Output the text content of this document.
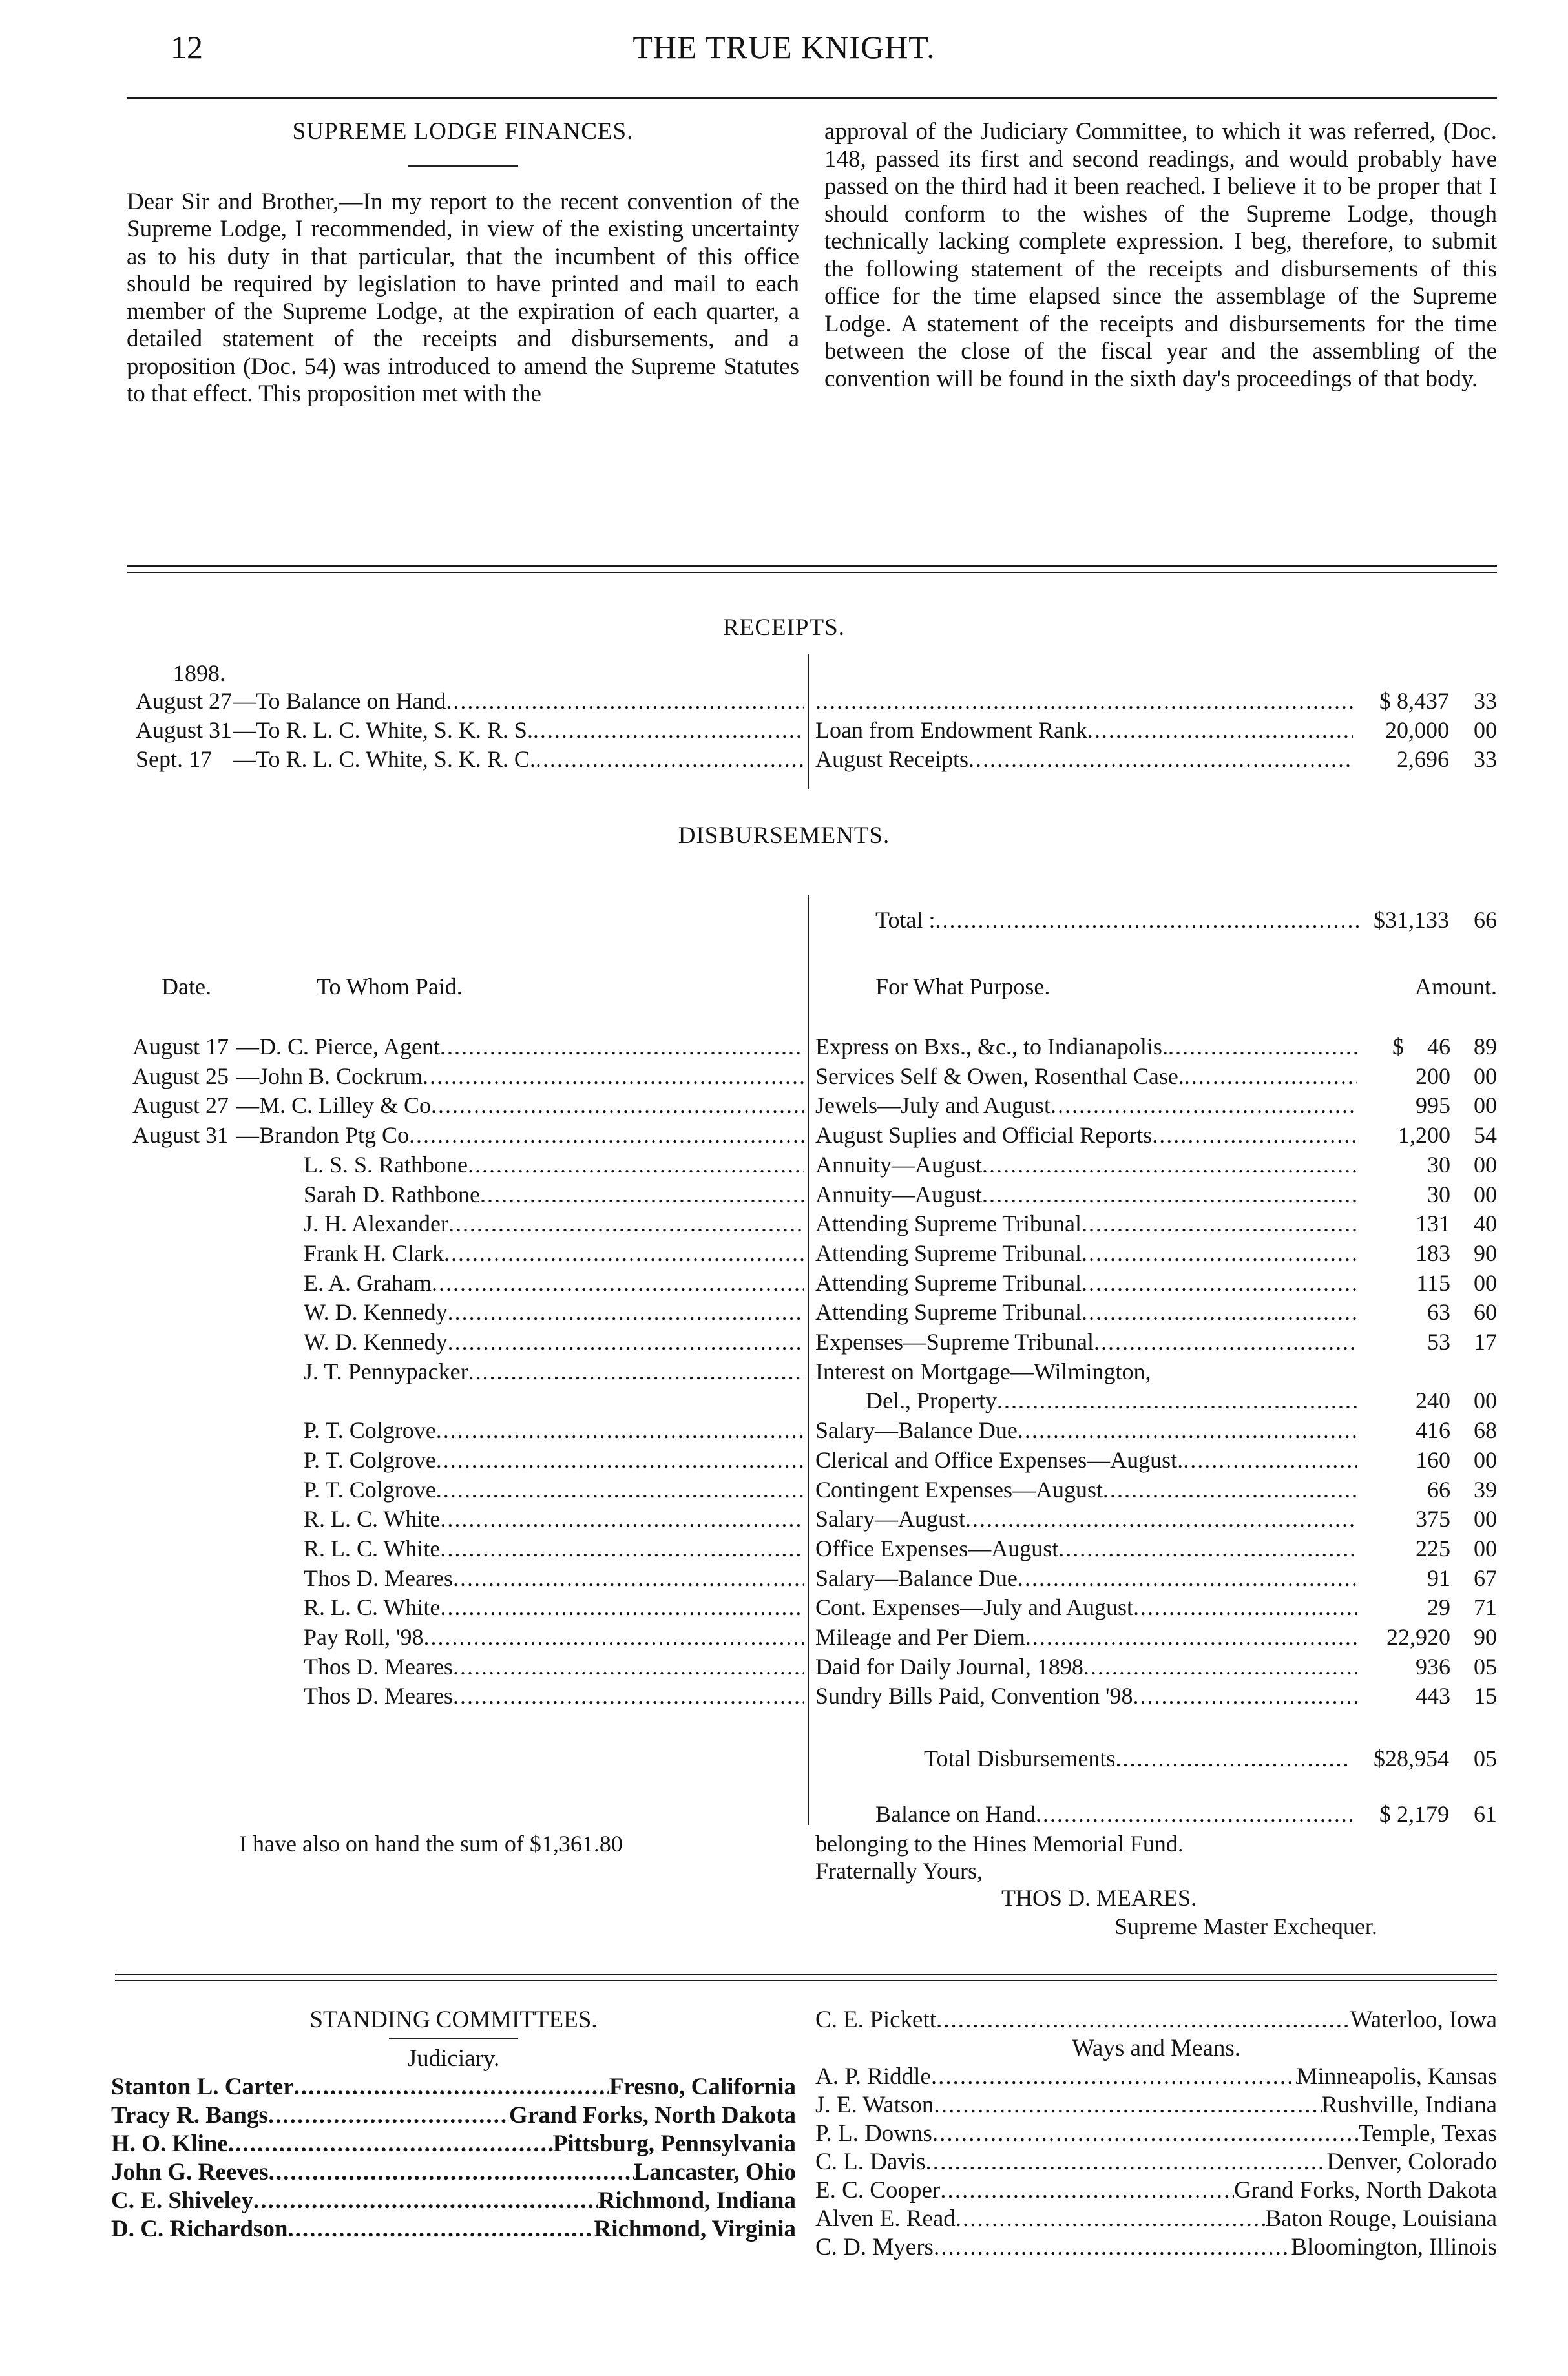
12	THE TRUE KNIGHT.
SUPREME LODGE FINANCES.
Dear Sir and Brother,—In my report to the recent convention of the Supreme Lodge, I recommended, in view of the existing uncertainty as to his duty in that particular, that the incumbent of this office should be required by legislation to have printed and mail to each member of the Supreme Lodge, at the expiration of each quarter, a detailed statement of the receipts and disbursements, and a proposition (Doc. 54) was introduced to amend the Supreme Statutes to that effect. This proposition met with the
approval of the Judiciary Committee, to which it was referred, (Doc. 148, passed its first and second readings, and would probably have passed on the third had it been reached. I believe it to be proper that I should conform to the wishes of the Supreme Lodge, though technically lacking complete expression. I beg, therefore, to submit the following statement of the receipts and disbursements of this office for the time elapsed since the assemblage of the Supreme Lodge. A statement of the receipts and disbursements for the time between the close of the fiscal year and the assembling of the convention will be found in the sixth day's proceedings of that body.
RECEIPTS.
1898.
August 27 —To Balance on Hand ..... .....	$ 8,437	33
August 31 —To R. L. C. White, S. K. R. S. .....	Loan from Endowment Rank .....	20,000	00
Sept. 17 —To R. L. C. White, S. K. R. C. .....	August Receipts .....	2,696	33
DISBURSEMENTS.
Total : .....	$31,133	66
Date.	To Whom Paid.	For What Purpose.	Amount.
August 17 —D. C. Pierce, Agent .....	Express on Bxs., &c., to Indianapolis. .....	$    46	89
August 25 —John B. Cockrum .....	Services Self & Owen, Rosenthal Case. .....	200	00
August 27 —M. C. Lilley & Co .....	Jewels—July and August .....	995	00
August 31 —Brandon Ptg Co .....	August Suplies and Official Reports .....	1,200	54
L. S. S. Rathbone .....	Annuity—August .....	30	00
Sarah D. Rathbone .....	Annuity—August .....	30	00
J. H. Alexander .....	Attending Supreme Tribunal .....	131	40
Frank H. Clark .....	Attending Supreme Tribunal .....	183	90
E. A. Graham .....	Attending Supreme Tribunal .....	115	00
W. D. Kennedy .....	Attending Supreme Tribunal .....	63	60
W. D. Kennedy .....	Expenses—Supreme Tribunal .....	53	17
J. T. Pennypacker .....	Interest on Mortgage—Wilmington,
Del., Property .....	240	00
P. T. Colgrove .....	Salary—Balance Due .....	416	68
P. T. Colgrove .....	Clerical and Office Expenses—August. .....	160	00
P. T. Colgrove .....	Contingent Expenses—August .....	66	39
R. L. C. White .....	Salary—August .....	375	00
R. L. C. White .....	Office Expenses—August .....	225	00
Thos D. Meares .....	Salary—Balance Due .....	91	67
R. L. C. White .....	Cont. Expenses—July and August .....	29	71
Pay Roll, '98 .....	Mileage and Per Diem .....	22,920	90
Thos D. Meares .....	Daid for Daily Journal, 1898 .....	936	05
Thos D. Meares .....	Sundry Bills Paid, Convention '98 .....	443	15
Total Disbursements .....	$28,954	05
Balance on Hand .....	$ 2,179	61
I have also on hand the sum of $1,361.80	belonging to the Hines Memorial Fund.
Fraternally Yours,
THOS D. MEARES.
Supreme Master Exchequer.
STANDING COMMITTEES.
Judiciary.
Stanton L. Carter .....	Fresno, California
Tracy R. Bangs .....	Grand Forks, North Dakota
H. O. Kline .....	Pittsburg, Pennsylvania
John G. Reeves .....	Lancaster, Ohio
C. E. Shiveley .....	Richmond, Indiana
D. C. Richardson .....	Richmond, Virginia
C. E. Pickett .....	Waterloo, Iowa
Ways and Means.
A. P. Riddle .....	Minneapolis, Kansas
J. E. Watson .....	Rushville, Indiana
P. L. Downs .....	Temple, Texas
C. L. Davis .....	Denver, Colorado
E. C. Cooper .....	Grand Forks, North Dakota
Alven E. Read .....	Baton Rouge, Louisiana
C. D. Myers .....	Bloomington, Illinois
